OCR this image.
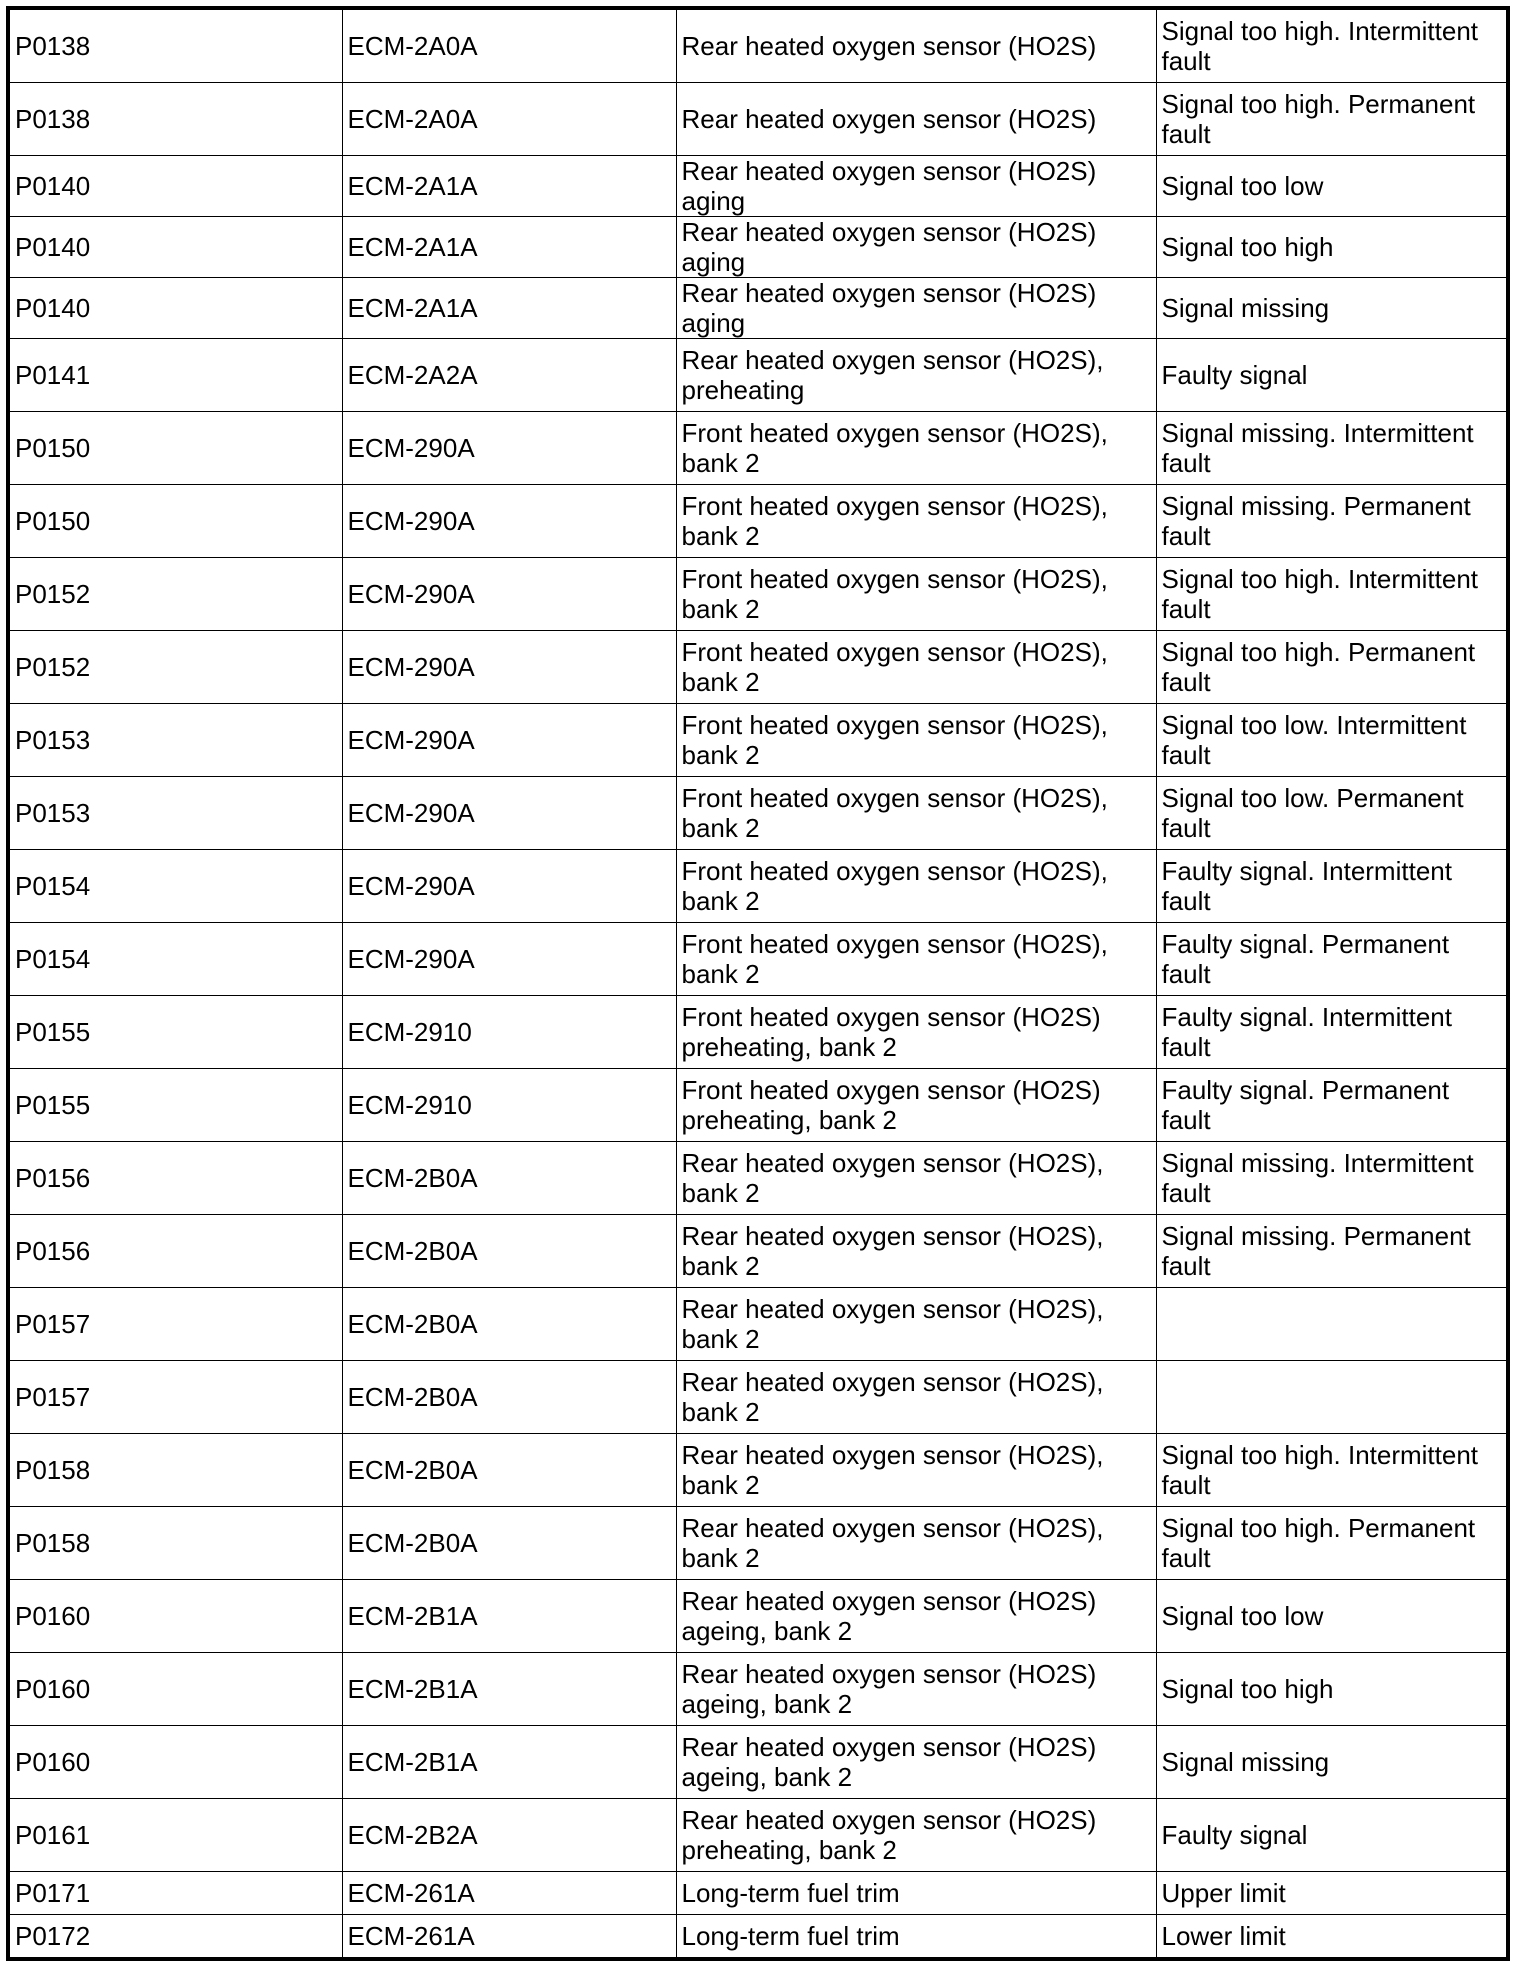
P0138	ECM-2A0A	Rear heated oxygen sensor (HO2S)	Signal too high. Intermittent fault
P0138	ECM-2A0A	Rear heated oxygen sensor (HO2S)	Signal too high. Permanent fault
P0140	ECM-2A1A	Rear heated oxygen sensor (HO2S) aging	Signal too low
P0140	ECM-2A1A	Rear heated oxygen sensor (HO2S) aging	Signal too high
P0140	ECM-2A1A	Rear heated oxygen sensor (HO2S) aging	Signal missing
P0141	ECM-2A2A	Rear heated oxygen sensor (HO2S), preheating	Faulty signal
P0150	ECM-290A	Front heated oxygen sensor (HO2S), bank 2	Signal missing. Intermittent fault
P0150	ECM-290A	Front heated oxygen sensor (HO2S), bank 2	Signal missing. Permanent fault
P0152	ECM-290A	Front heated oxygen sensor (HO2S), bank 2	Signal too high. Intermittent fault
P0152	ECM-290A	Front heated oxygen sensor (HO2S), bank 2	Signal too high. Permanent fault
P0153	ECM-290A	Front heated oxygen sensor (HO2S), bank 2	Signal too low. Intermittent fault
P0153	ECM-290A	Front heated oxygen sensor (HO2S), bank 2	Signal too low. Permanent fault
P0154	ECM-290A	Front heated oxygen sensor (HO2S), bank 2	Faulty signal. Intermittent fault
P0154	ECM-290A	Front heated oxygen sensor (HO2S), bank 2	Faulty signal. Permanent fault
P0155	ECM-2910	Front heated oxygen sensor (HO2S) preheating, bank 2	Faulty signal. Intermittent fault
P0155	ECM-2910	Front heated oxygen sensor (HO2S) preheating, bank 2	Faulty signal. Permanent fault
P0156	ECM-2B0A	Rear heated oxygen sensor (HO2S), bank 2	Signal missing. Intermittent fault
P0156	ECM-2B0A	Rear heated oxygen sensor (HO2S), bank 2	Signal missing. Permanent fault
P0157	ECM-2B0A	Rear heated oxygen sensor (HO2S), bank 2	
P0157	ECM-2B0A	Rear heated oxygen sensor (HO2S), bank 2	
P0158	ECM-2B0A	Rear heated oxygen sensor (HO2S), bank 2	Signal too high. Intermittent fault
P0158	ECM-2B0A	Rear heated oxygen sensor (HO2S), bank 2	Signal too high. Permanent fault
P0160	ECM-2B1A	Rear heated oxygen sensor (HO2S) ageing, bank 2	Signal too low
P0160	ECM-2B1A	Rear heated oxygen sensor (HO2S) ageing, bank 2	Signal too high
P0160	ECM-2B1A	Rear heated oxygen sensor (HO2S) ageing, bank 2	Signal missing
P0161	ECM-2B2A	Rear heated oxygen sensor (HO2S) preheating, bank 2	Faulty signal
P0171	ECM-261A	Long-term fuel trim	Upper limit
P0172	ECM-261A	Long-term fuel trim	Lower limit
